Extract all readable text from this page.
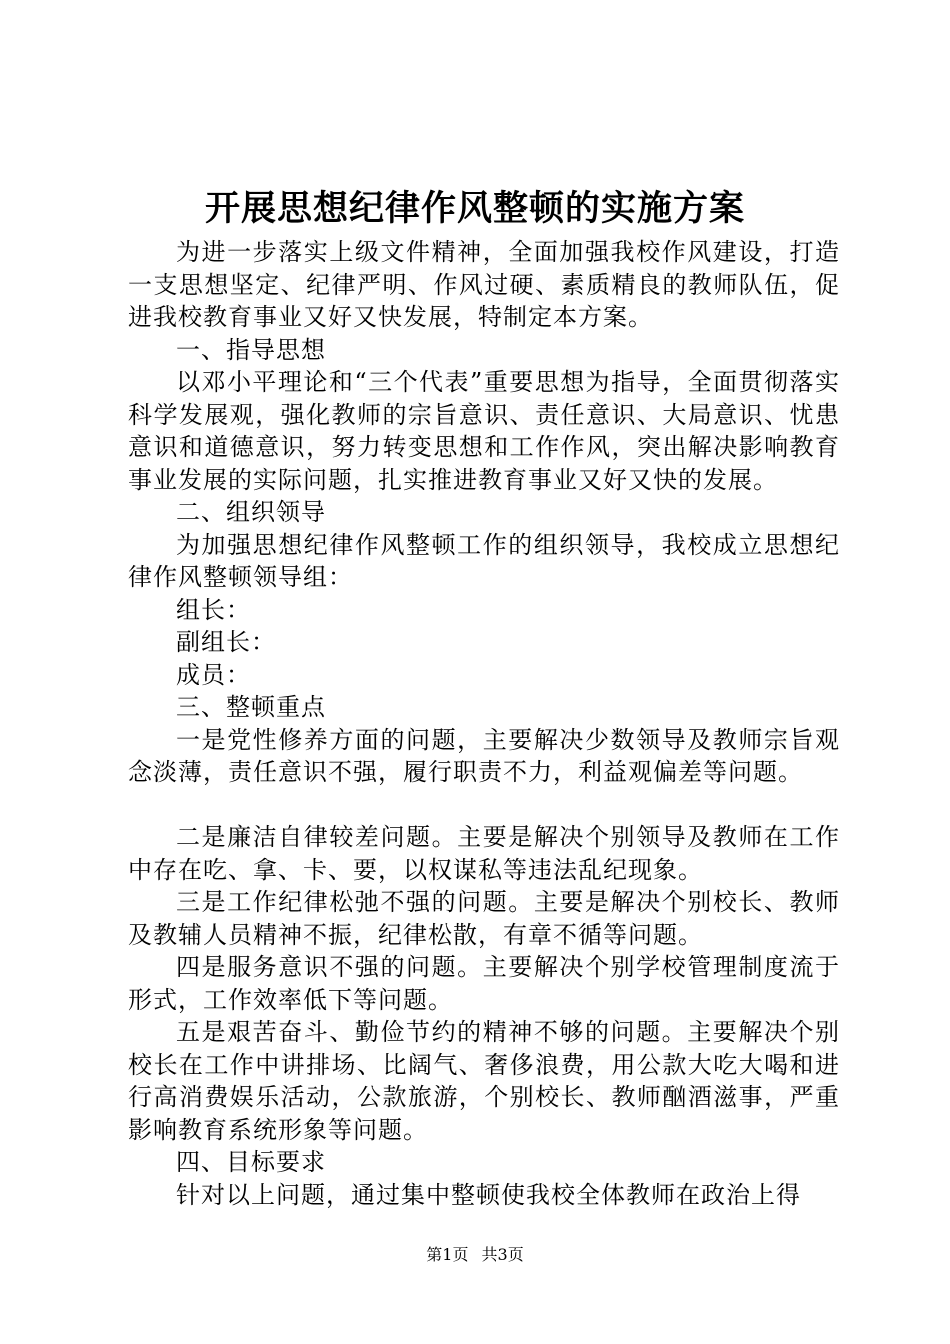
开展思想纪律作风整顿的实施方案

为进一步落实上级文件精神，全面加强我校作风建设，打造一支思想坚定、纪律严明、作风过硬、素质精良的教师队伍，促进我校教育事业又好又快发展，特制定本方案。

一、指导思想

以邓小平理论和“三个代表”重要思想为指导，全面贯彻落实科学发展观，强化教师的宗旨意识、责任意识、大局意识、忧患意识和道德意识，努力转变思想和工作作风，突出解决影响教育事业发展的实际问题，扎实推进教育事业又好又快的发展。

二、组织领导

为加强思想纪律作风整顿工作的组织领导，我校成立思想纪律作风整顿领导组：

组长：

副组长：

成员：

三、整顿重点

一是党性修养方面的问题，主要解决少数领导及教师宗旨观念淡薄，责任意识不强，履行职责不力，利益观偏差等问题。

二是廉洁自律较差问题。主要是解决个别领导及教师在工作中存在吃、拿、卡、要，以权谋私等违法乱纪现象。

三是工作纪律松弛不强的问题。主要是解决个别校长、教师及教辅人员精神不振，纪律松散，有章不循等问题。

四是服务意识不强的问题。主要解决个别学校管理制度流于形式，工作效率低下等问题。

五是艰苦奋斗、勤俭节约的精神不够的问题。主要解决个别校长在工作中讲排场、比阔气、奢侈浪费，用公款大吃大喝和进行高消费娱乐活动，公款旅游，个别校长、教师酗酒滋事，严重影响教育系统形象等问题。

四、目标要求

针对以上问题，通过集中整顿使我校全体教师在政治上得

第1页 共3页
